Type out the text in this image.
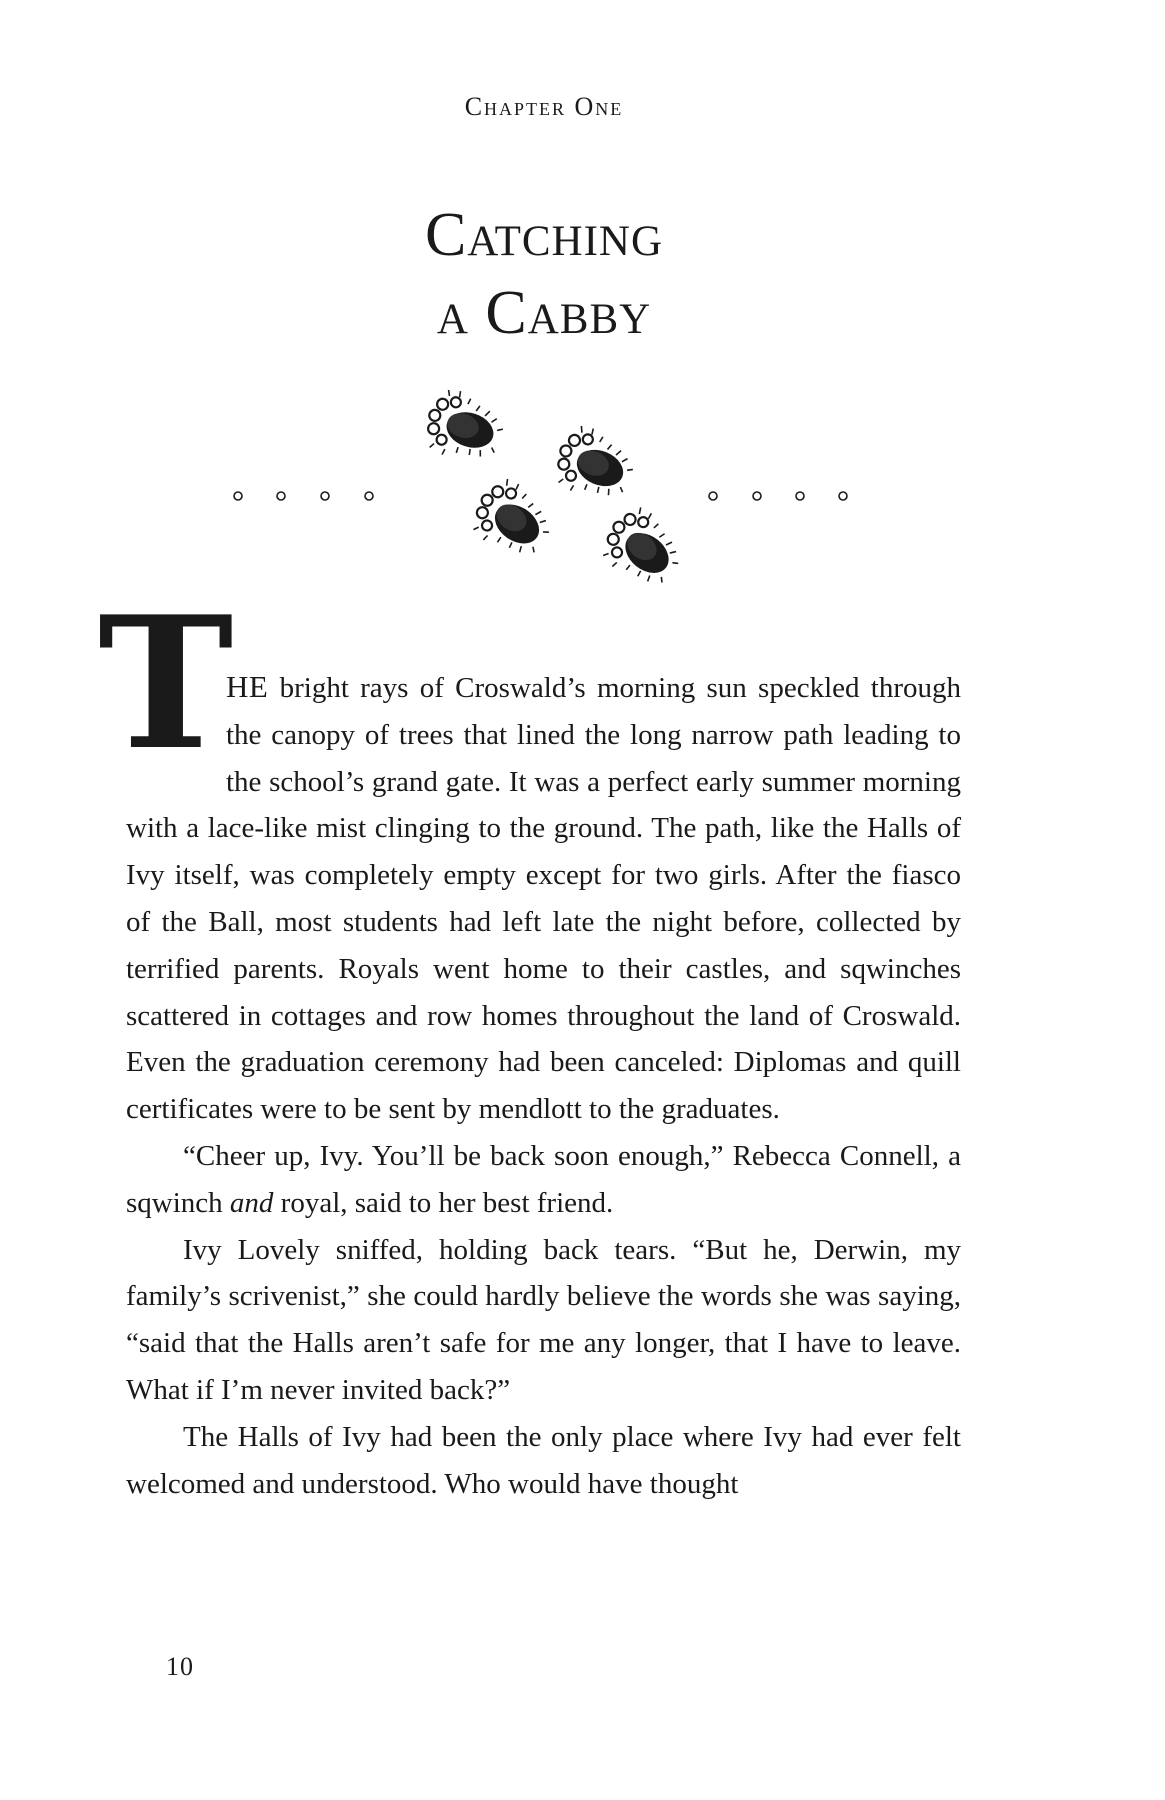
Chapter One
Catching
a Cabby
T

HE bright rays of Croswald’s morning sun speckled through the canopy of trees that lined the long narrow path leading to the school’s grand gate. It was a perfect early summer morning with a lace-like mist clinging to the ground. The path, like the Halls of Ivy itself, was completely empty except for two girls. After the fiasco of the Ball, most students had left late the night before, collected by terrified parents. Royals went home to their castles, and sqwinches scattered in cottages and row homes throughout the land of Croswald. Even the graduation ceremony had been canceled: Diplomas and quill certificates were to be sent by mendlott to the graduates.

“Cheer up, Ivy. You’ll be back soon enough,” Rebecca Connell, a sqwinch and royal, said to her best friend.

Ivy Lovely sniffed, holding back tears. “But he, Derwin, my family’s scrivenist,” she could hardly believe the words she was saying, “said that the Halls aren’t safe for me any longer, that I have to leave. What if I’m never invited back?”

The Halls of Ivy had been the only place where Ivy had ever felt welcomed and understood. Who would have thought

10
